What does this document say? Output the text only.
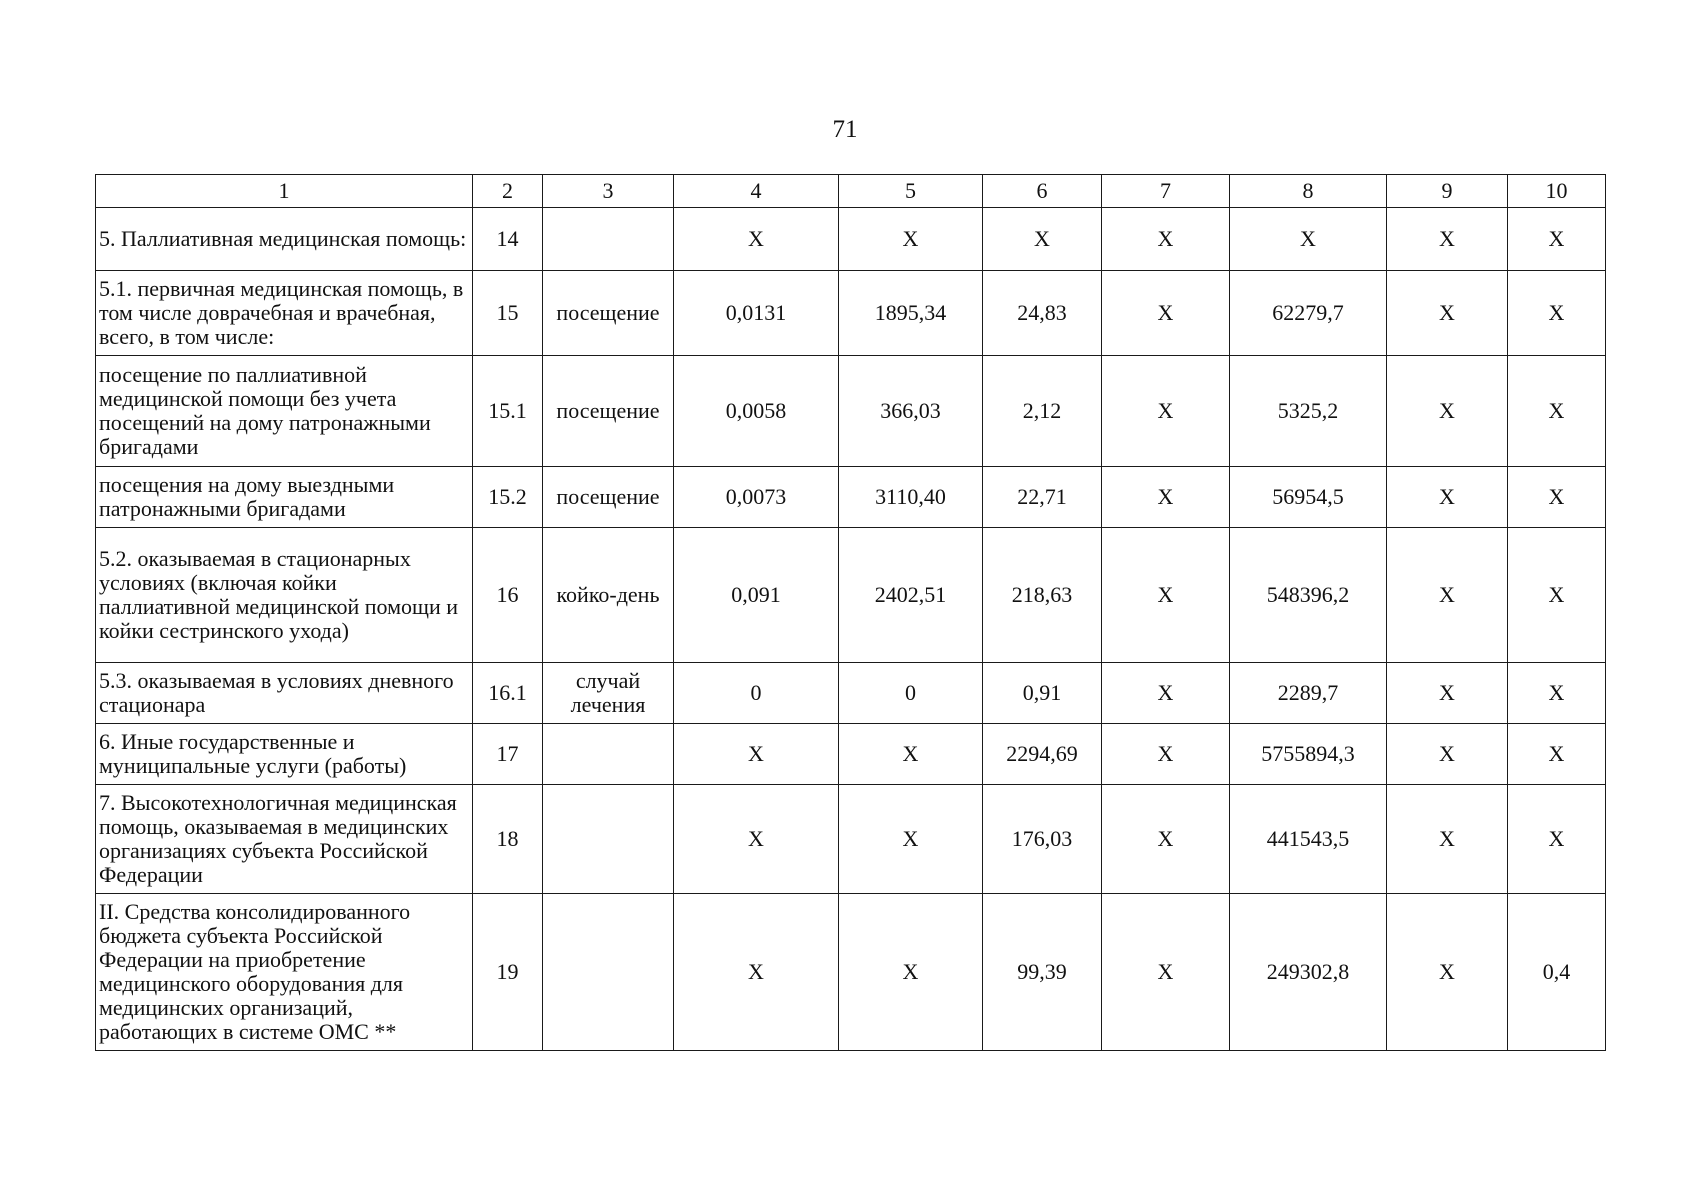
71
1	2	3	4	5	6	7	8	9	10
5. Паллиативная медицинская помощь:	14		X	X	X	X	X	X	X
5.1. первичная медицинская помощь, в том числе доврачебная и врачебная, всего, в том числе:	15	посещение	0,0131	1895,34	24,83	X	62279,7	X	X
посещение по паллиативной медицинской помощи без учета посещений на дому патронажными бригадами	15.1	посещение	0,0058	366,03	2,12	X	5325,2	X	X
посещения на дому выездными патронажными бригадами	15.2	посещение	0,0073	3110,40	22,71	X	56954,5	X	X
5.2. оказываемая в стационарных условиях (включая койки паллиативной медицинской помощи и койки сестринского ухода)	16	койко-день	0,091	2402,51	218,63	X	548396,2	X	X
5.3. оказываемая в условиях дневного стационара	16.1	случай лечения	0	0	0,91	X	2289,7	X	X
6. Иные государственные и муниципальные услуги (работы)	17		X	X	2294,69	X	5755894,3	X	X
7. Высокотехнологичная медицинская помощь, оказываемая в медицинских организациях субъекта Российской Федерации	18		X	X	176,03	X	441543,5	X	X
II. Средства консолидированного бюджета субъекта Российской Федерации на приобретение медицинского оборудования для медицинских организаций, работающих в системе ОМС **	19		X	X	99,39	X	249302,8	X	0,4
